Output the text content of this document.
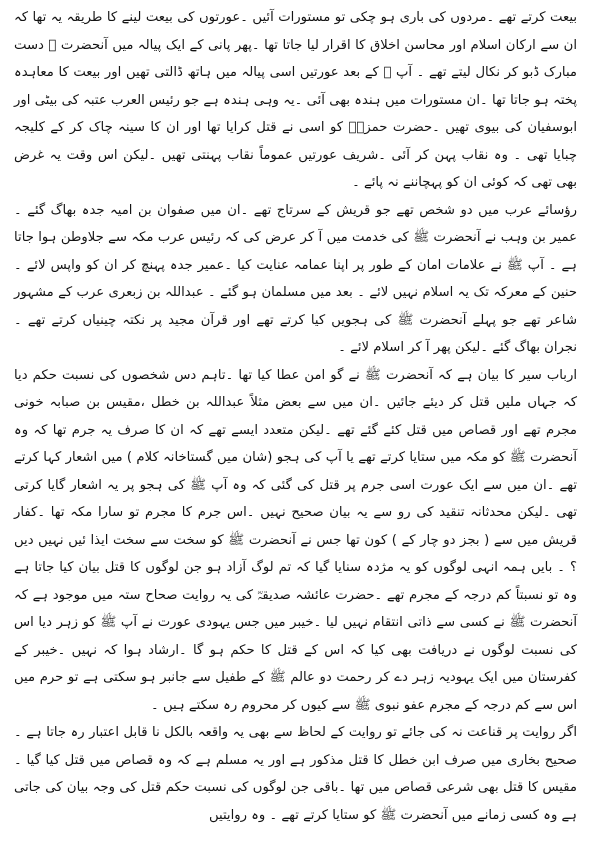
بیعت کرتے تھے ۔مردوں کی باری ہو چکی تو مستورات آئیں ۔عورتوں کی بیعت لینے کا طریقہ یہ تھا کہ ان سے ارکان اسلام اور محاسن اخلاق کا اقرار لیا جاتا تھا ۔پھر پانی کے ایک پیالہ میں آنحضرت ﷺ دست مبارک ڈبو کر نکال لیتے تھے ۔ آپ ﷺ کے بعد عورتیں اسی پیالہ میں ہاتھ ڈالتی تھیں اور بیعت کا معاہدہ پختہ ہو جاتا تھا ۔ان مستورات میں ہندہ بھی آئی ۔یہ وہی ہندہ ہے جو رئیس العرب عتبہ کی بیٹی اور ابوسفیان کی بیوی تھیں ۔حضرت حمزہؓ کو اسی نے قتل کرایا تھا اور ان کا سینہ چاک کر کے کلیجہ چبایا تھی ۔ وہ نقاب پہن کر آئی ۔شریف عورتیں عموماً نقاب پہنتی تھیں ۔لیکن اس وقت یہ غرض بھی تھی کہ کوئی ان کو پہچاننے نہ پائے ۔

رؤسائے عرب میں دو شخص تھے جو قریش کے سرتاج تھے ۔ان میں صفوان بن امیہ جدہ بھاگ گئے ۔عمیر بن وہب نے آنحضرت ﷺ کی خدمت میں آ کر عرض کی کہ رئیس عرب مکہ سے جلاوطن ہوا جاتا ہے ۔ آپ ﷺ نے علامات امان کے طور پر اپنا عمامہ عنایت کیا ۔عمیر جدہ پہنچ کر ان کو واپس لائے ۔حنین کے معرکہ تک یہ اسلام نہیں لائے ۔ بعد میں مسلمان ہو گئے ۔ عبداللہ بن زبعری عرب کے مشہور شاعر تھے جو پہلے آنحضرت ﷺ کی ہجویں کیا کرتے تھے اور قرآن مجید پر نکتہ چینیاں کرتے تھے ۔ نجران بھاگ گئے ۔لیکن پھر آ کر اسلام لائے ۔

ارباب سیر کا بیان ہے کہ آنحضرت ﷺ نے گو امن عطا کیا تھا ۔تاہم دس شخصوں کی نسبت حکم دیا کہ جہاں ملیں قتل کر دیئے جائیں ۔ان میں سے بعض مثلاً عبداللہ بن خطل ،مقیس بن صبابہ خونی مجرم تھے اور قصاص میں قتل کئے گئے تھے ۔لیکن متعدد ایسے تھے کہ ان کا صرف یہ جرم تھا کہ وہ آنحضرت ﷺ کو مکہ میں ستایا کرتے تھے یا آپ کی ہجو (شان میں گستاخانہ کلام ) میں اشعار کہا کرتے تھے ۔ان میں سے ایک عورت اسی جرم پر قتل کی گئی کہ وہ آپ ﷺ کی ہجو پر یہ اشعار گایا کرتی تھی ۔لیکن محدثانہ تنقید کی رو سے یہ بیان صحیح نہیں ۔اس جرم کا مجرم تو سارا مکہ تھا ۔کفار قریش میں سے ( بجز دو چار کے ) کون تھا جس نے آنحضرت ﷺ کو سخت سے سخت ایذا ئیں نہیں دیں ؟ ۔ بایں ہمہ انہی لوگوں کو یہ مژدہ سنایا گیا کہ تم لوگ آزاد ہو جن لوگوں کا قتل بیان کیا جاتا ہے وہ تو نسبتاً کم درجہ کے مجرم تھے ۔حضرت عائشہ صدیقہؓ کی یہ روایت صحاح ستہ میں موجود ہے کہ آنحضرت ﷺ نے کسی سے ذاتی انتقام نہیں لیا ۔خیبر میں جس یہودی عورت نے آپ ﷺ کو زہر دیا اس کی نسبت لوگوں نے دریافت بھی کیا کہ اس کے قتل کا حکم ہو گا ۔ارشاد ہوا کہ نہیں ۔خیبر کے کفرستان میں ایک یہودیہ زہر دے کر رحمت دو عالم ﷺ کے طفیل سے جانبر ہو سکتی ہے تو حرم میں اس سے کم درجہ کے مجرم عفو نبوی ﷺ سے کیوں کر محروم رہ سکتے ہیں ۔

اگر روایت پر قناعت نہ کی جائے تو روایت کے لحاظ سے بھی یہ واقعہ بالکل نا قابل اعتبار رہ جاتا ہے ۔ صحیح بخاری میں صرف ابن خطل کا قتل مذکور ہے اور یہ مسلم ہے کہ وہ قصاص میں قتل کیا گیا ۔مقیس کا قتل بھی شرعی قصاص میں تھا ۔باقی جن لوگوں کی نسبت حکم قتل کی وجہ بیان کی جاتی ہے وہ کسی زمانے میں آنحضرت ﷺ کو ستایا کرتے تھے ۔ وہ روایتیں
